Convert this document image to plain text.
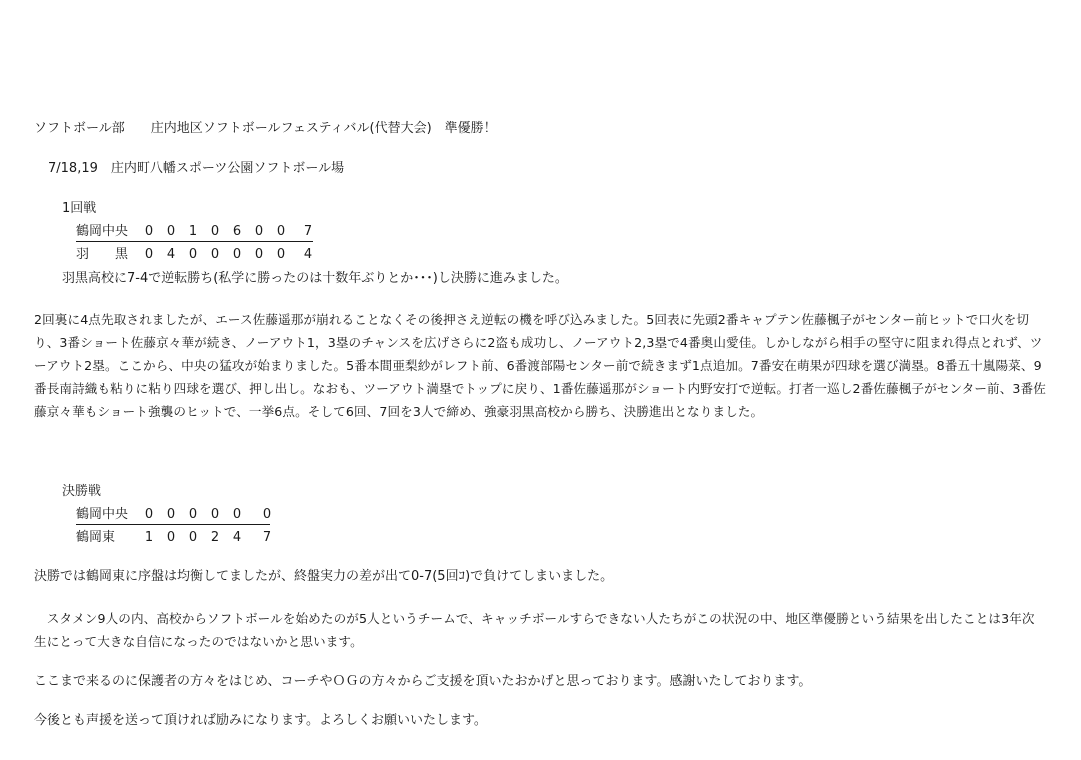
ソフトボール部　　庄内地区ソフトボールフェスティバル(代替大会)　準優勝！
7/18,19　庄内町八幡スポーツ公園ソフトボール場
1回戦
鶴岡中央 0 0 1 0 6 0 0 7
羽　　黒 0 4 0 0 0 0 0 4
羽黒高校に7-4で逆転勝ち(私学に勝ったのは十数年ぶりとか･･･)し決勝に進みました。
2回裏に4点先取されましたが、エース佐藤遥那が崩れることなくその後押さえ逆転の機を呼び込みました。5回表に先頭2番キャプテン佐藤楓子がセンター前ヒットで口火を切り、3番ショート佐藤京々華が続き、ノーアウト1，3塁のチャンスを広げさらに2盗も成功し、ノーアウト2,3塁で4番奥山愛佳。しかしながら相手の堅守に阻まれ得点とれず、ツーアウト2塁。ここから、中央の猛攻が始まりました。5番本間亜梨紗がレフト前、6番渡部陽センター前で続きまず1点追加。7番安在萌果が四球を選び満塁。8番五十嵐陽菜、9番長南詩織も粘りに粘り四球を選び、押し出し。なおも、ツーアウト満塁でトップに戻り、1番佐藤遥那がショート内野安打で逆転。打者一巡し2番佐藤楓子がセンター前、3番佐藤京々華もショート強襲のヒットで、一挙6点。そして6回、7回を3人で締め、強豪羽黒高校から勝ち、決勝進出となりました。
決勝戦
鶴岡中央 0 0 0 0 0 0
鶴岡東 1 0 0 2 4 7
決勝では鶴岡東に序盤は均衡してましたが、終盤実力の差が出て0-7(5回ｺ)で負けてしまいました。
　スタメン9人の内、高校からソフトボールを始めたのが5人というチームで、キャッチボールすらできない人たちがこの状況の中、地区準優勝という結果を出したことは3年次生にとって大きな自信になったのではないかと思います。
ここまで来るのに保護者の方々をはじめ、コーチやＯＧの方々からご支援を頂いたおかげと思っております。感謝いたしております。
今後とも声援を送って頂ければ励みになります。よろしくお願いいたします。
